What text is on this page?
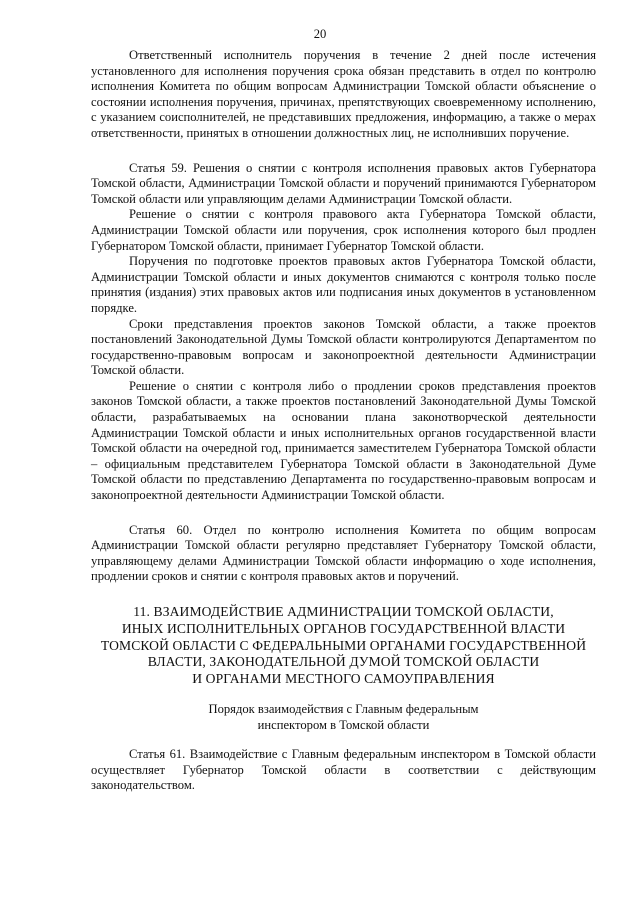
20

Ответственный исполнитель поручения в течение 2 дней после истечения установленного для исполнения поручения срока обязан представить в отдел по контролю исполнения Комитета по общим вопросам Администрации Томской области объяснение о состоянии исполнения поручения, причинах, препятствующих своевременному исполнению, с указанием соисполнителей, не представивших предложения, информацию, а также о мерах ответственности, принятых в отношении должностных лиц, не исполнивших поручение.

Статья 59. Решения о снятии с контроля исполнения правовых актов Губернатора Томской области, Администрации Томской области и поручений принимаются Губернатором Томской области или управляющим делами Администрации Томской области.

Решение о снятии с контроля правового акта Губернатора Томской области, Администрации Томской области или поручения, срок исполнения которого был продлен Губернатором Томской области, принимает Губернатор Томской области.

Поручения по подготовке проектов правовых актов Губернатора Томской области, Администрации Томской области и иных документов снимаются с контроля только после принятия (издания) этих правовых актов или подписания иных документов в установленном порядке.

Сроки представления проектов законов Томской области, а также проектов постановлений Законодательной Думы Томской области контролируются Департаментом по государственно-правовым вопросам и законопроектной деятельности Администрации Томской области.

Решение о снятии с контроля либо о продлении сроков представления проектов законов Томской области, а также проектов постановлений Законодательной Думы Томской области, разрабатываемых на основании плана законотворческой деятельности Администрации Томской области и иных исполнительных органов государственной власти Томской области на очередной год, принимается заместителем Губернатора Томской области – официальным представителем Губернатора Томской области в Законодательной Думе Томской области по представлению Департамента по государственно-правовым вопросам и законопроектной деятельности Администрации Томской области.

Статья 60. Отдел по контролю исполнения Комитета по общим вопросам Администрации Томской области регулярно представляет Губернатору Томской области, управляющему делами Администрации Томской области информацию о ходе исполнения, продлении сроков и снятии с контроля правовых актов и поручений.

11. ВЗАИМОДЕЙСТВИЕ АДМИНИСТРАЦИИ ТОМСКОЙ ОБЛАСТИ,
ИНЫХ ИСПОЛНИТЕЛЬНЫХ ОРГАНОВ ГОСУДАРСТВЕННОЙ ВЛАСТИ
ТОМСКОЙ ОБЛАСТИ С ФЕДЕРАЛЬНЫМИ ОРГАНАМИ ГОСУДАРСТВЕННОЙ
ВЛАСТИ, ЗАКОНОДАТЕЛЬНОЙ ДУМОЙ ТОМСКОЙ ОБЛАСТИ
И ОРГАНАМИ МЕСТНОГО САМОУПРАВЛЕНИЯ
Порядок взаимодействия с Главным федеральным
инспектором в Томской области

Статья 61. Взаимодействие с Главным федеральным инспектором в Томской области осуществляет Губернатор Томской области в соответствии с действующим законодательством.
